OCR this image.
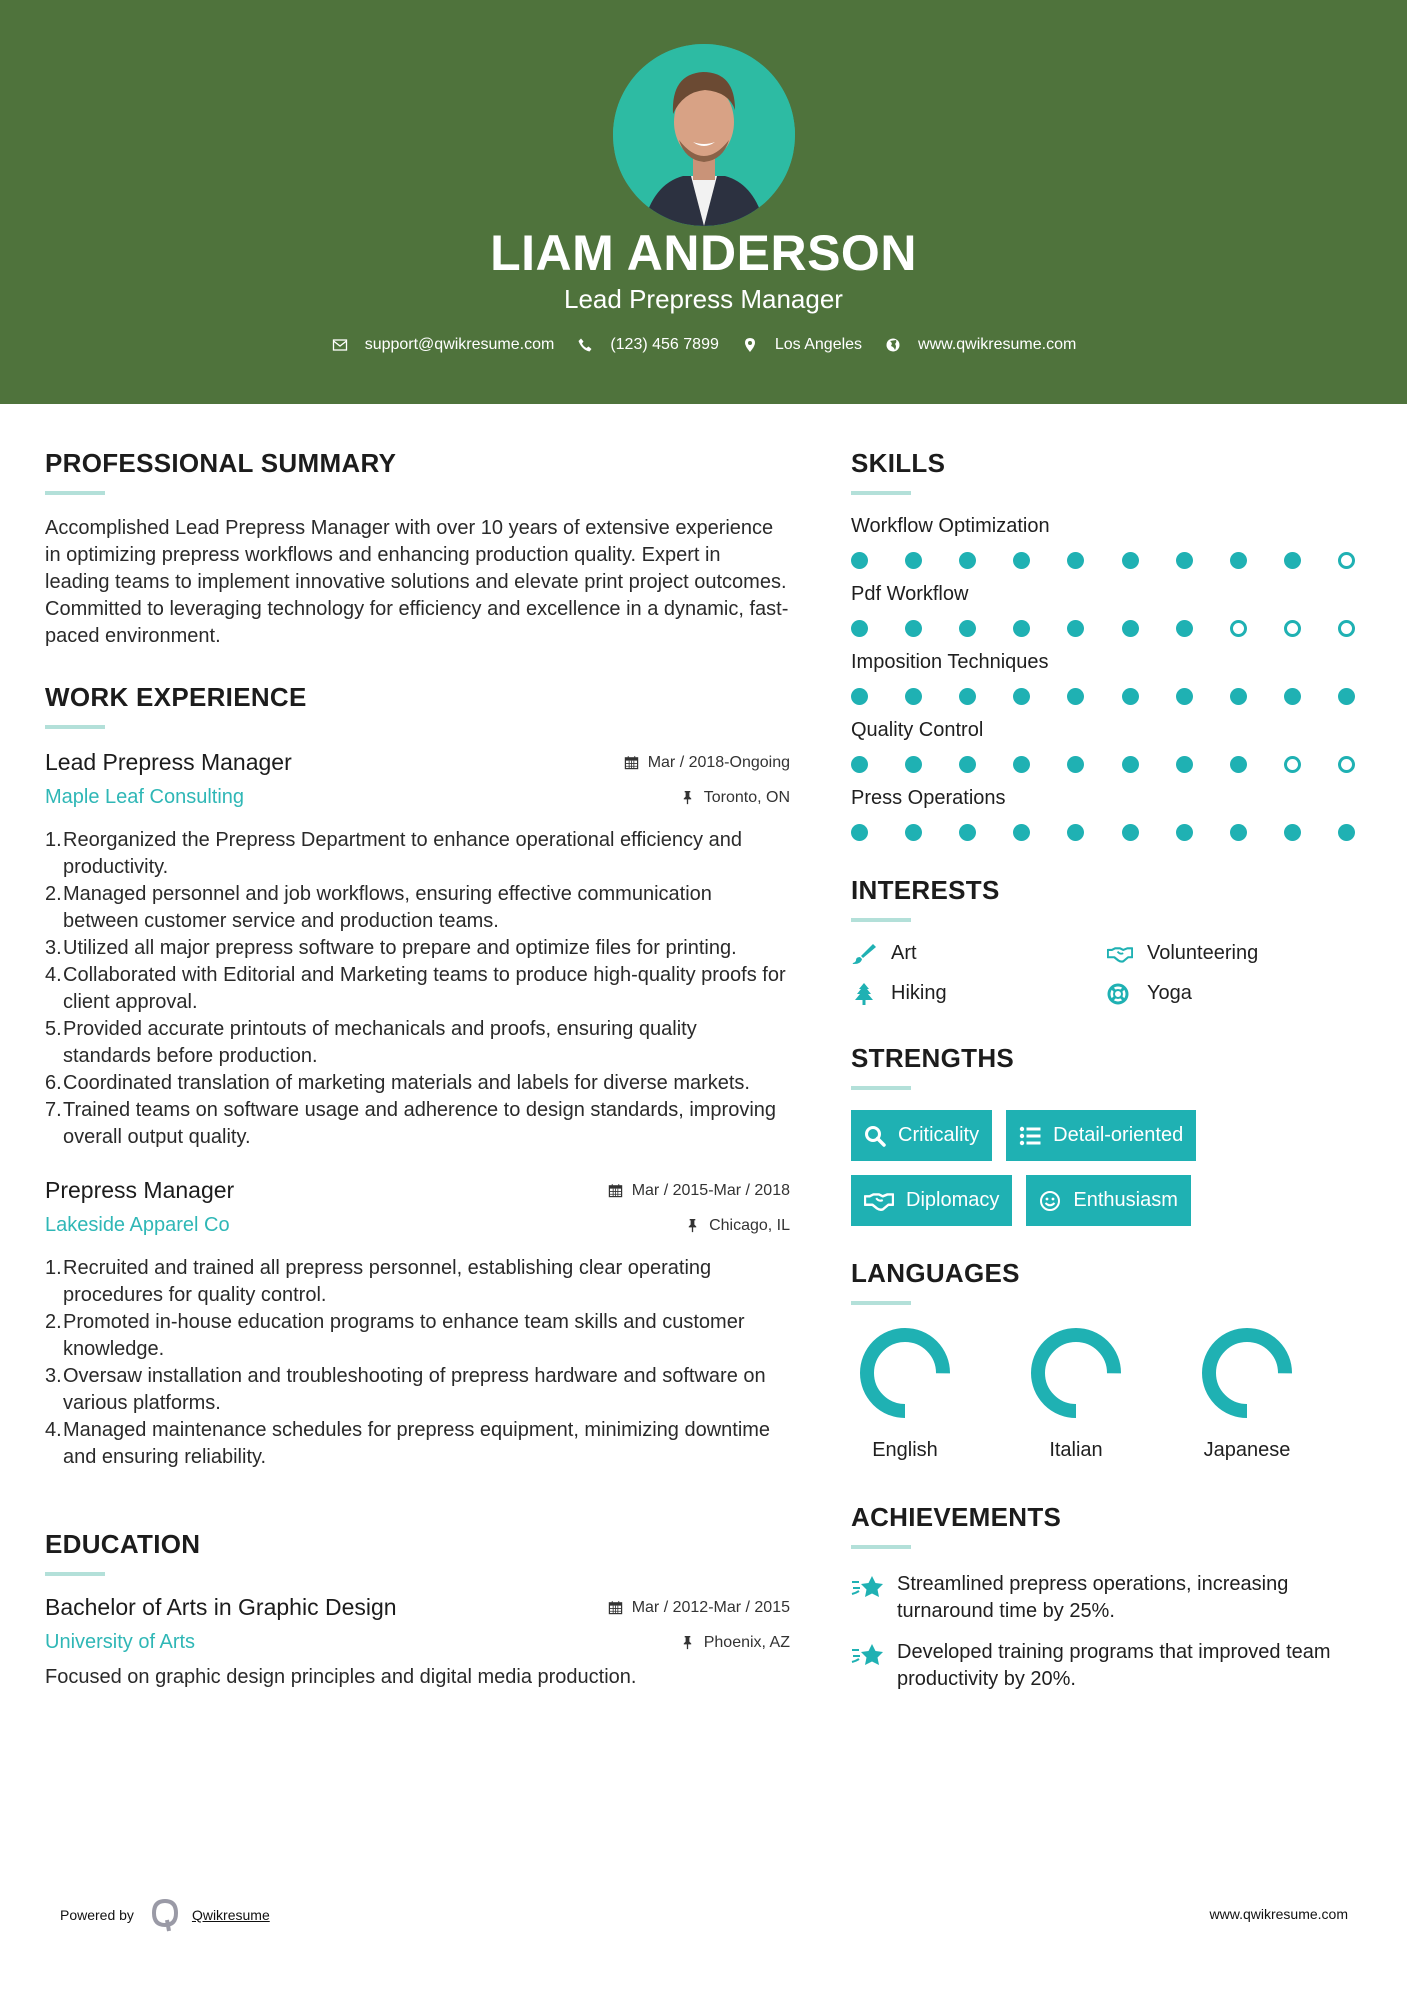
LIAM ANDERSON
Lead Prepress Manager
support@qwikresume.com	(123) 456 7899	Los Angeles	www.qwikresume.com
PROFESSIONAL SUMMARY

Accomplished Lead Prepress Manager with over 10 years of extensive experience in optimizing prepress workflows and enhancing production quality. Expert in leading teams to implement innovative solutions and elevate print project outcomes. Committed to leveraging technology for efficiency and excellence in a dynamic, fast-paced environment.

WORK EXPERIENCE
Lead Prepress Manager	Mar / 2018-Ongoing
Maple Leaf Consulting	Toronto, ON
1. Reorganized the Prepress Department to enhance operational efficiency and productivity.
2. Managed personnel and job workflows, ensuring effective communication between customer service and production teams.
3. Utilized all major prepress software to prepare and optimize files for printing.
4. Collaborated with Editorial and Marketing teams to produce high-quality proofs for client approval.
5. Provided accurate printouts of mechanicals and proofs, ensuring quality standards before production.
6. Coordinated translation of marketing materials and labels for diverse markets.
7. Trained teams on software usage and adherence to design standards, improving overall output quality.
Prepress Manager	Mar / 2015-Mar / 2018
Lakeside Apparel Co	Chicago, IL
1. Recruited and trained all prepress personnel, establishing clear operating procedures for quality control.
2. Promoted in-house education programs to enhance team skills and customer knowledge.
3. Oversaw installation and troubleshooting of prepress hardware and software on various platforms.
4. Managed maintenance schedules for prepress equipment, minimizing downtime and ensuring reliability.
EDUCATION
Bachelor of Arts in Graphic Design	Mar / 2012-Mar / 2015
University of Arts	Phoenix, AZ

Focused on graphic design principles and digital media production.

SKILLS
Workflow Optimization
Pdf Workflow
Imposition Techniques
Quality Control
Press Operations
INTERESTS
Art	Volunteering
Hiking	Yoga
STRENGTHS
Criticality	Detail-oriented
Diplomacy	Enthusiasm
LANGUAGES
English	Italian	Japanese
ACHIEVEMENTS
Streamlined prepress operations, increasing turnaround time by 25%.
Developed training programs that improved team productivity by 20%.
Powered by	Qwikresume	www.qwikresume.com
